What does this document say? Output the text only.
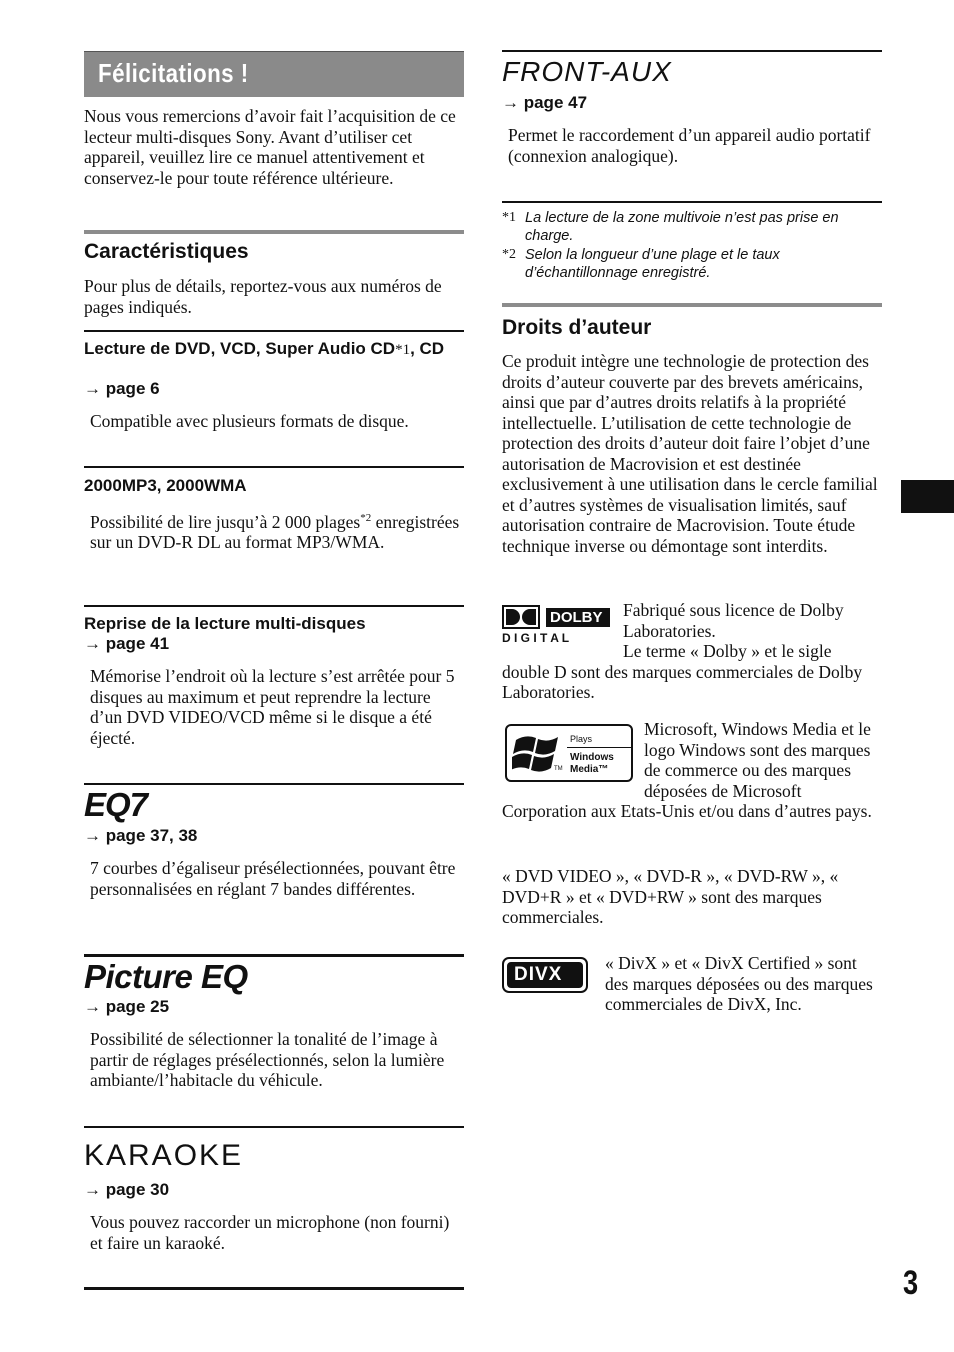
Félicitations !

Nous vous remercions d’avoir fait l’acquisition de ce lecteur multi-disques Sony. Avant d’utiliser cet appareil, veuillez lire ce manuel attentivement et conservez-le pour toute référence ultérieure.

Caractéristiques

Pour plus de détails, reportez-vous aux numéros de pages indiqués.

Lecture de DVD, VCD, Super Audio CD*1, CD
→ page 6

Compatible avec plusieurs formats de disque.

2000MP3, 2000WMA

Possibilité de lire jusqu’à 2 000 plages$^{*2}$ enregistrées sur un DVD-R DL au format MP3/WMA.

Reprise de la lecture multi-disques
→ page 41

Mémorise l’endroit où la lecture s’est arrêtée pour 5 disques au maximum et peut reprendre la lecture d’un DVD VIDEO/VCD même si le disque a été éjecté.

EQ7
→ page 37, 38

7 courbes d’égaliseur présélectionnées, pouvant être personnalisées en réglant 7 bandes différentes.

Picture EQ
→ page 25

Possibilité de sélectionner la tonalité de l’image à partir de réglages présélectionnés, selon la lumière ambiante/l’habitacle du véhicule.

KARAOKE
→ page 30

Vous pouvez raccorder un microphone (non fourni) et faire un karaoké.

FRONT-AUX
→ page 47

Permet le raccordement d’un appareil audio portatif (connexion analogique).

*1 La lecture de la zone multivoie n’est pas prise en charge.
*2 Selon la longueur d’une plage et le taux d’échantillonnage enregistré.
Droits d’auteur

Ce produit intègre une technologie de protection des droits d’auteur couverte par des brevets américains, ainsi que par d’autres droits relatifs à la propriété intellectuelle. L’utilisation de cette technologie de protection des droits d’auteur doit faire l’objet d’une autorisation de Macrovision et est destinée exclusivement à une utilisation dans le cercle familial et d’autres systèmes de visualisation limités, sauf autorisation contraire de Macrovision. Toute étude technique inverse ou démontage sont interdits.

DOLBY
D I G I T A L

Fabriqué sous licence de Dolby Laboratories.

Le terme « Dolby » et le sigle double D sont des marques commerciales de Dolby Laboratories.

TM
Plays
Windows
Media™

Microsoft, Windows Media et le logo Windows sont des marques de commerce ou des marques déposées de Microsoft Corporation aux Etats-Unis et/ou dans d’autres pays.

« DVD VIDEO », « DVD-R », « DVD-RW », « DVD+R » et « DVD+RW » sont des marques commerciales.

DIVX

« DivX » et « DivX Certified » sont des marques déposées ou des marques commerciales de DivX, Inc.

3
